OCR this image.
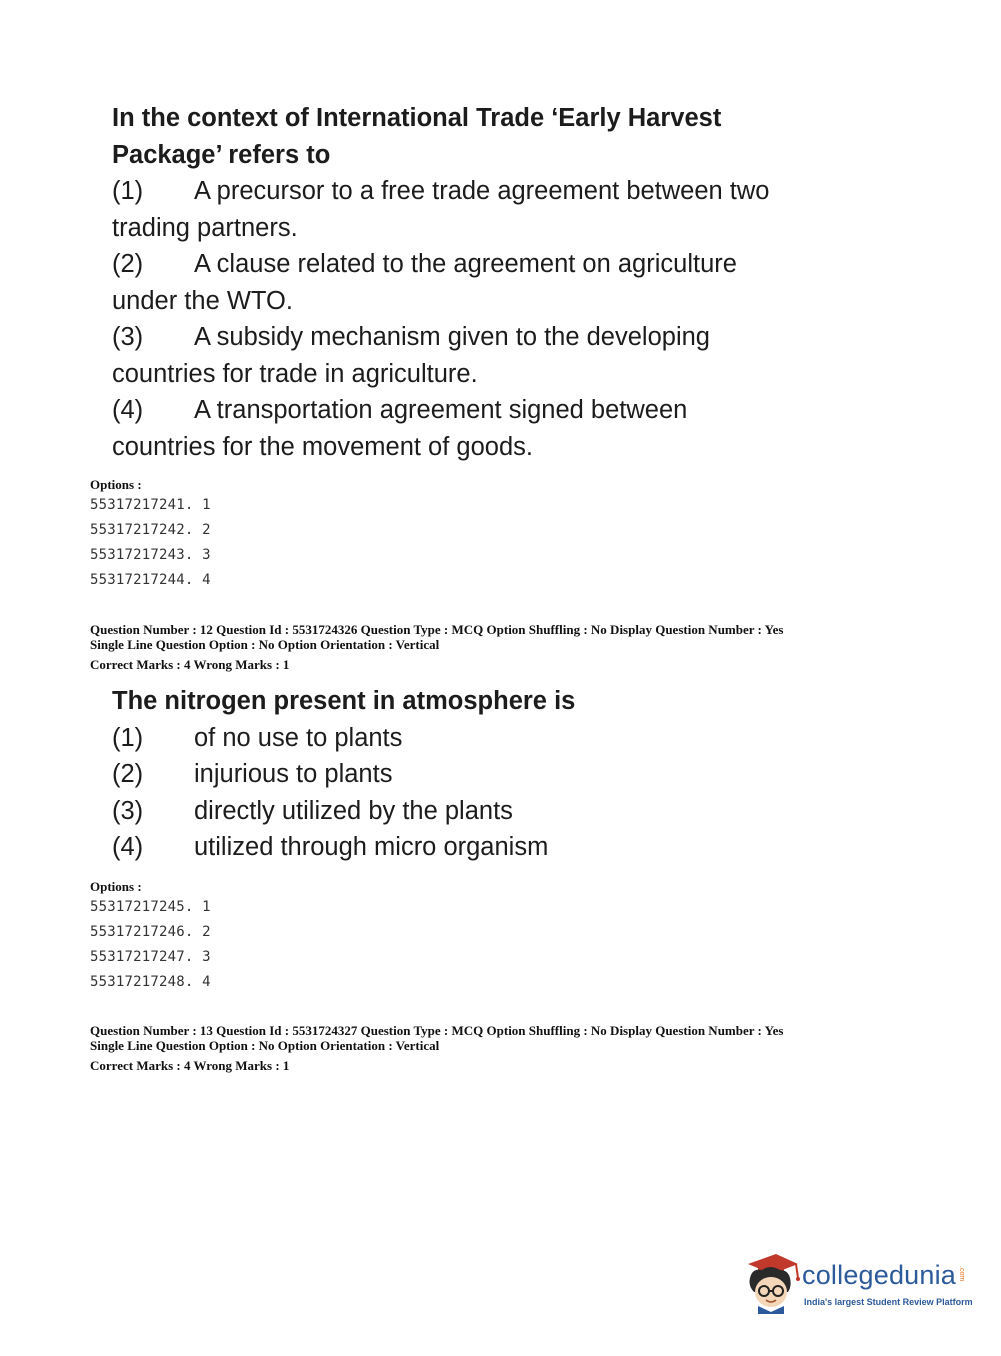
In the context of International Trade ‘Early Harvest
Package’ refers to
(1) A precursor to a free trade agreement between two
trading partners.
(2) A clause related to the agreement on agriculture
under the WTO.
(3) A subsidy mechanism given to the developing
countries for trade in agriculture.
(4) A transportation agreement signed between
countries for the movement of goods.
Options :
55317217241. 1
55317217242. 2
55317217243. 3
55317217244. 4
Question Number : 12 Question Id : 5531724326 Question Type : MCQ Option Shuffling : No Display Question Number : Yes
Single Line Question Option : No Option Orientation : Vertical
Correct Marks : 4 Wrong Marks : 1
The nitrogen present in atmosphere is
(1) of no use to plants
(2) injurious to plants
(3) directly utilized by the plants
(4) utilized through micro organism
Options :
55317217245. 1
55317217246. 2
55317217247. 3
55317217248. 4
Question Number : 13 Question Id : 5531724327 Question Type : MCQ Option Shuffling : No Display Question Number : Yes
Single Line Question Option : No Option Orientation : Vertical
Correct Marks : 4 Wrong Marks : 1
collegedunia .com
India's largest Student Review Platform
